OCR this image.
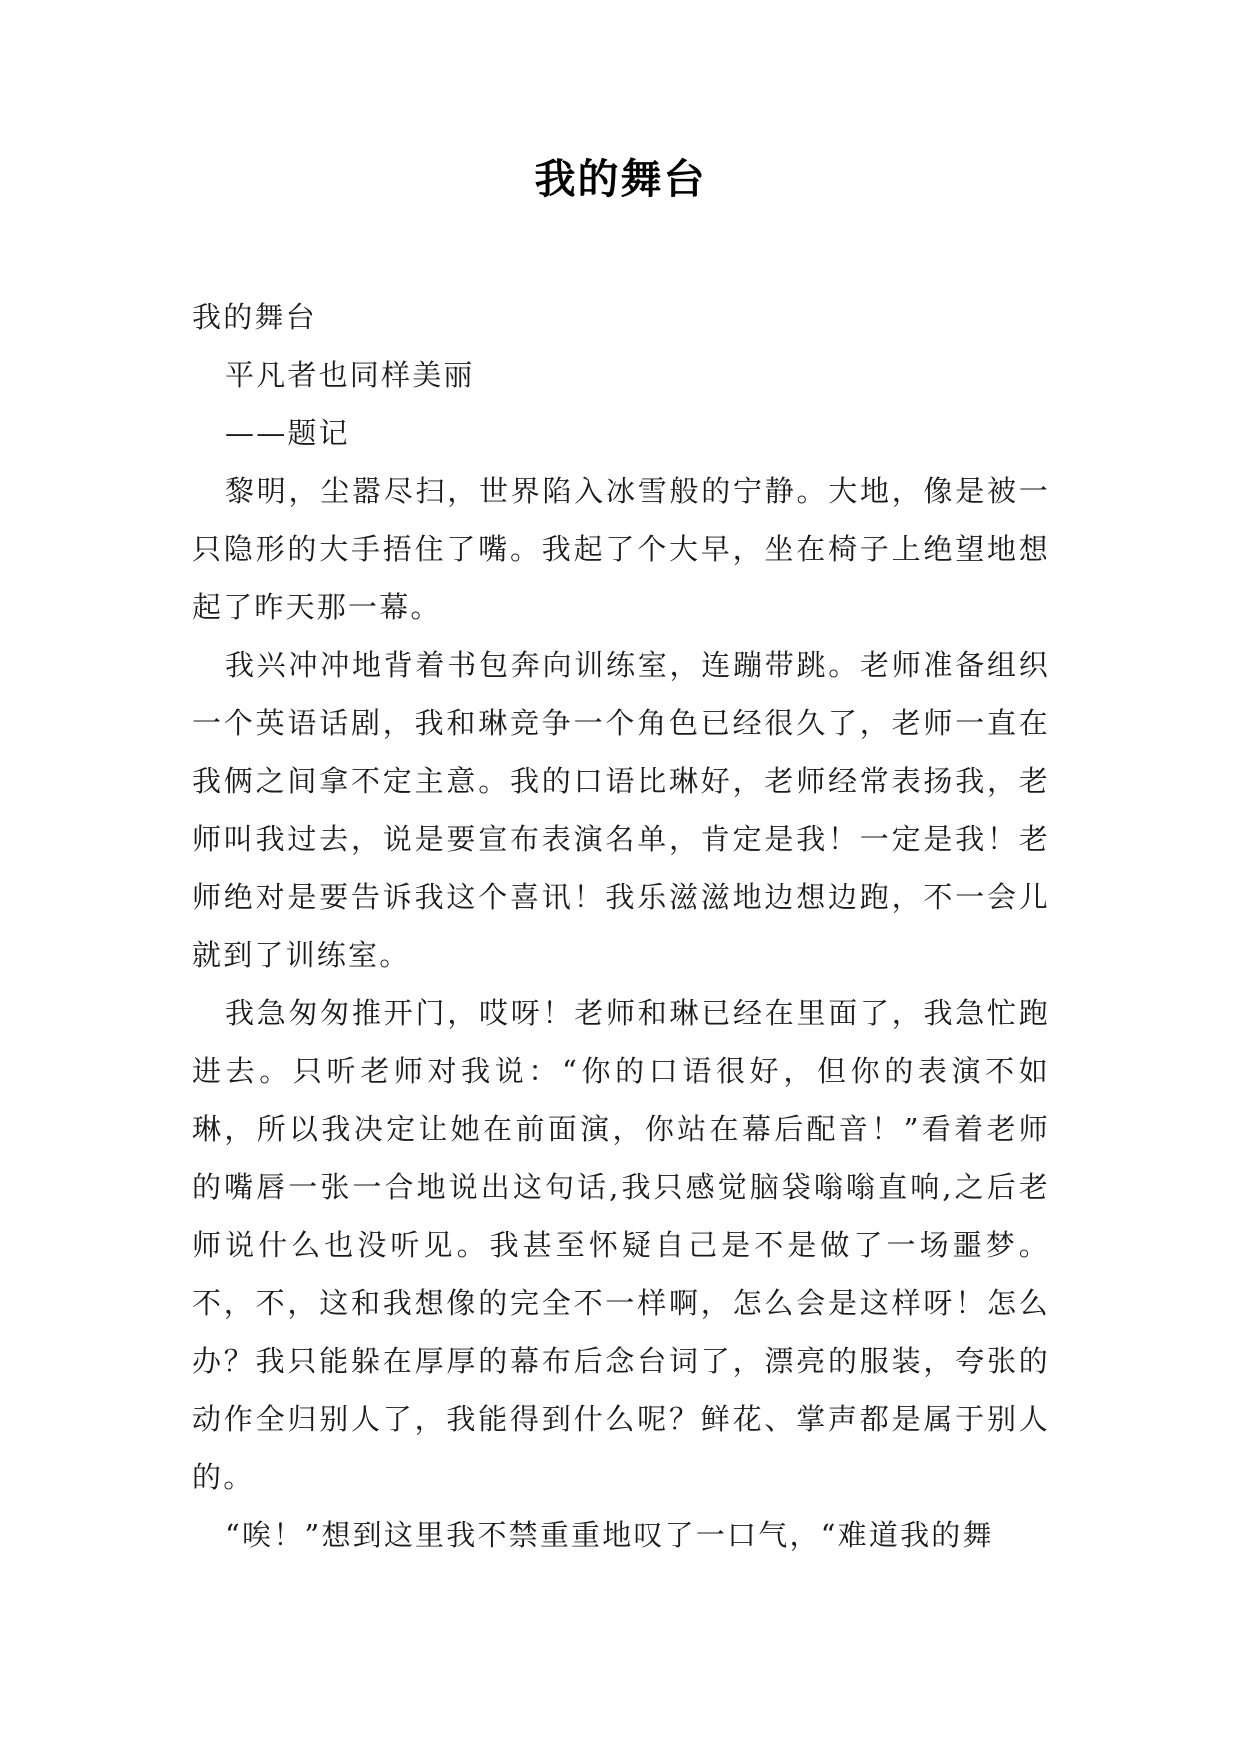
我的舞台

我的舞台

平凡者也同样美丽

——题记

黎明，尘嚣尽扫，世界陷入冰雪般的宁静。大地，像是被一只隐形的大手捂住了嘴。我起了个大早，坐在椅子上绝望地想起了昨天那一幕。

我兴冲冲地背着书包奔向训练室，连蹦带跳。老师准备组织一个英语话剧，我和琳竞争一个角色已经很久了，老师一直在我俩之间拿不定主意。我的口语比琳好，老师经常表扬我，老师叫我过去，说是要宣布表演名单，肯定是我！一定是我！老师绝对是要告诉我这个喜讯！我乐滋滋地边想边跑，不一会儿就到了训练室。

我急匆匆推开门，哎呀！老师和琳已经在里面了，我急忙跑进去。只听老师对我说：“你的口语很好，但你的表演不如琳，所以我决定让她在前面演，你站在幕后配音！”看着老师的嘴唇一张一合地说出这句话,我只感觉脑袋嗡嗡直响,之后老师说什么也没听见。我甚至怀疑自己是不是做了一场噩梦。不，不，这和我想像的完全不一样啊，怎么会是这样呀！怎么办？我只能躲在厚厚的幕布后念台词了，漂亮的服装，夸张的动作全归别人了，我能得到什么呢？鲜花、掌声都是属于别人的。

“唉！”想到这里我不禁重重地叹了一口气，“难道我的舞
